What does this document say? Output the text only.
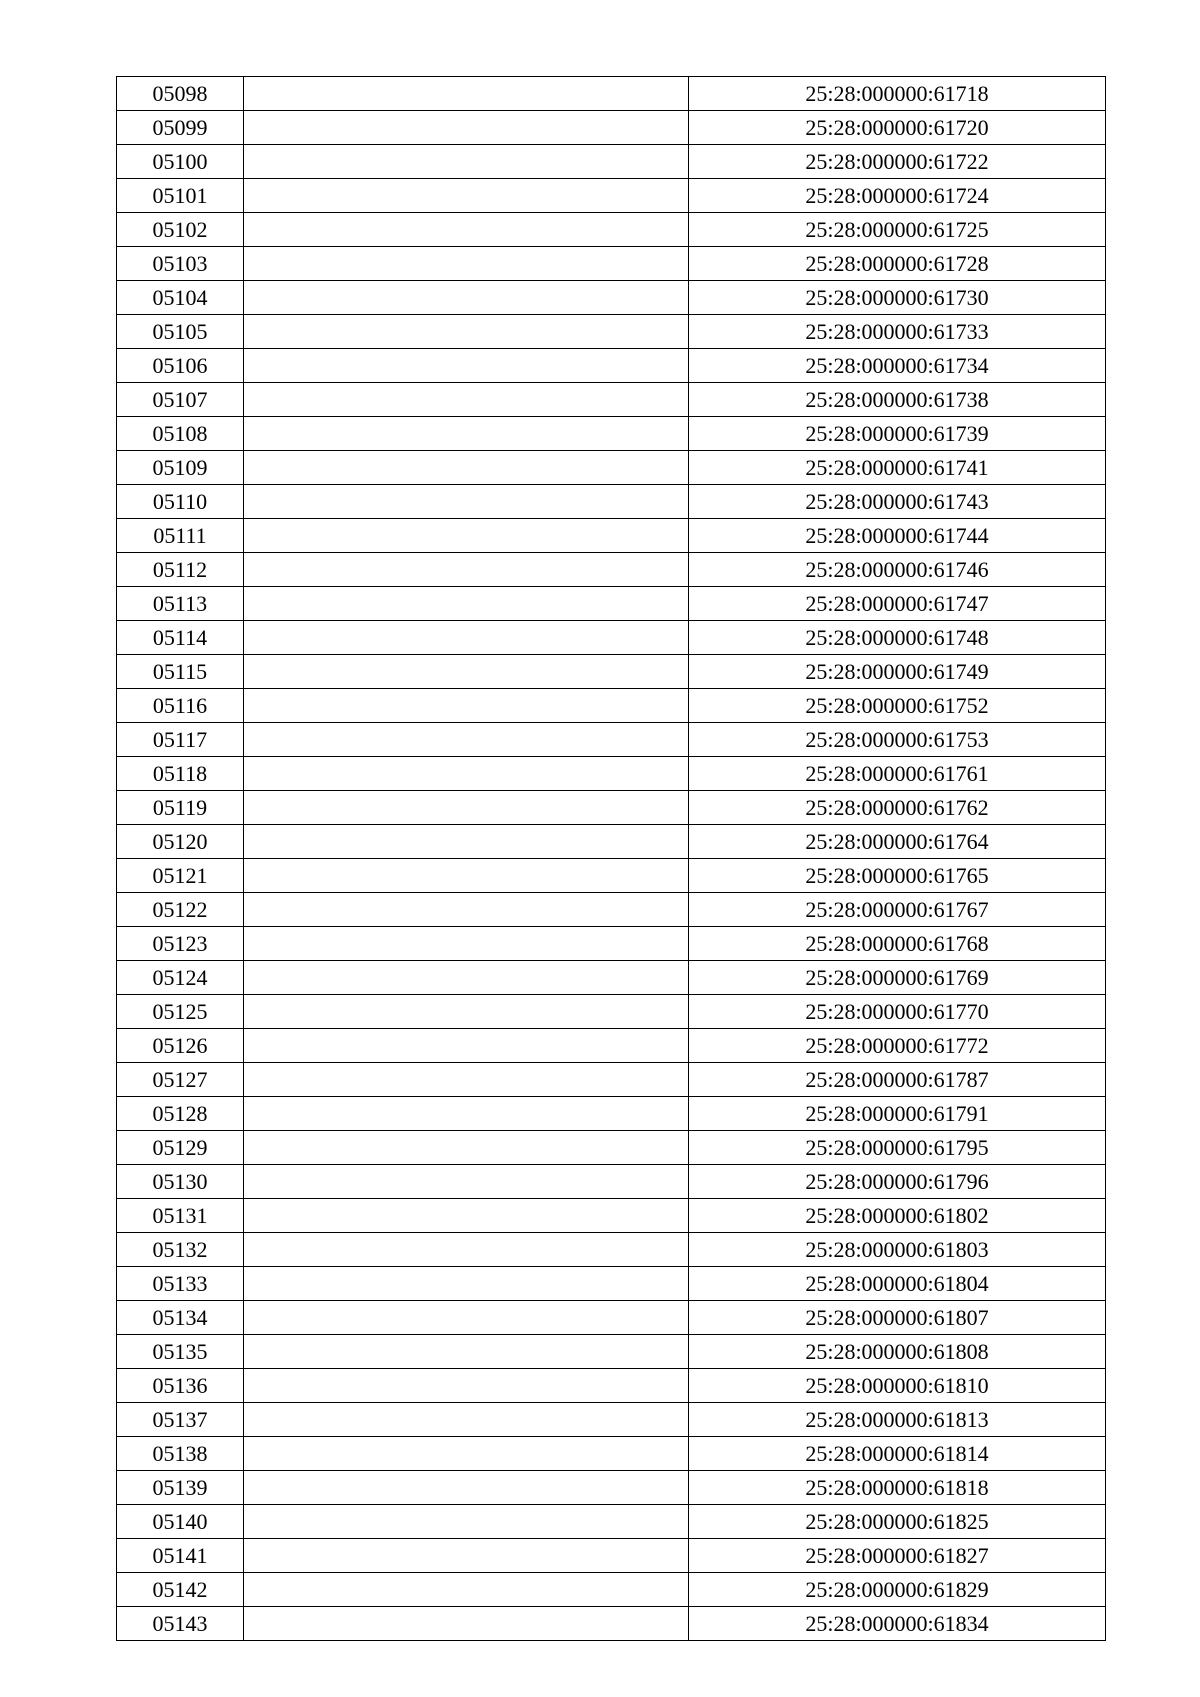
05098		25:28:000000:61718
05099		25:28:000000:61720
05100		25:28:000000:61722
05101		25:28:000000:61724
05102		25:28:000000:61725
05103		25:28:000000:61728
05104		25:28:000000:61730
05105		25:28:000000:61733
05106		25:28:000000:61734
05107		25:28:000000:61738
05108		25:28:000000:61739
05109		25:28:000000:61741
05110		25:28:000000:61743
05111		25:28:000000:61744
05112		25:28:000000:61746
05113		25:28:000000:61747
05114		25:28:000000:61748
05115		25:28:000000:61749
05116		25:28:000000:61752
05117		25:28:000000:61753
05118		25:28:000000:61761
05119		25:28:000000:61762
05120		25:28:000000:61764
05121		25:28:000000:61765
05122		25:28:000000:61767
05123		25:28:000000:61768
05124		25:28:000000:61769
05125		25:28:000000:61770
05126		25:28:000000:61772
05127		25:28:000000:61787
05128		25:28:000000:61791
05129		25:28:000000:61795
05130		25:28:000000:61796
05131		25:28:000000:61802
05132		25:28:000000:61803
05133		25:28:000000:61804
05134		25:28:000000:61807
05135		25:28:000000:61808
05136		25:28:000000:61810
05137		25:28:000000:61813
05138		25:28:000000:61814
05139		25:28:000000:61818
05140		25:28:000000:61825
05141		25:28:000000:61827
05142		25:28:000000:61829
05143		25:28:000000:61834
